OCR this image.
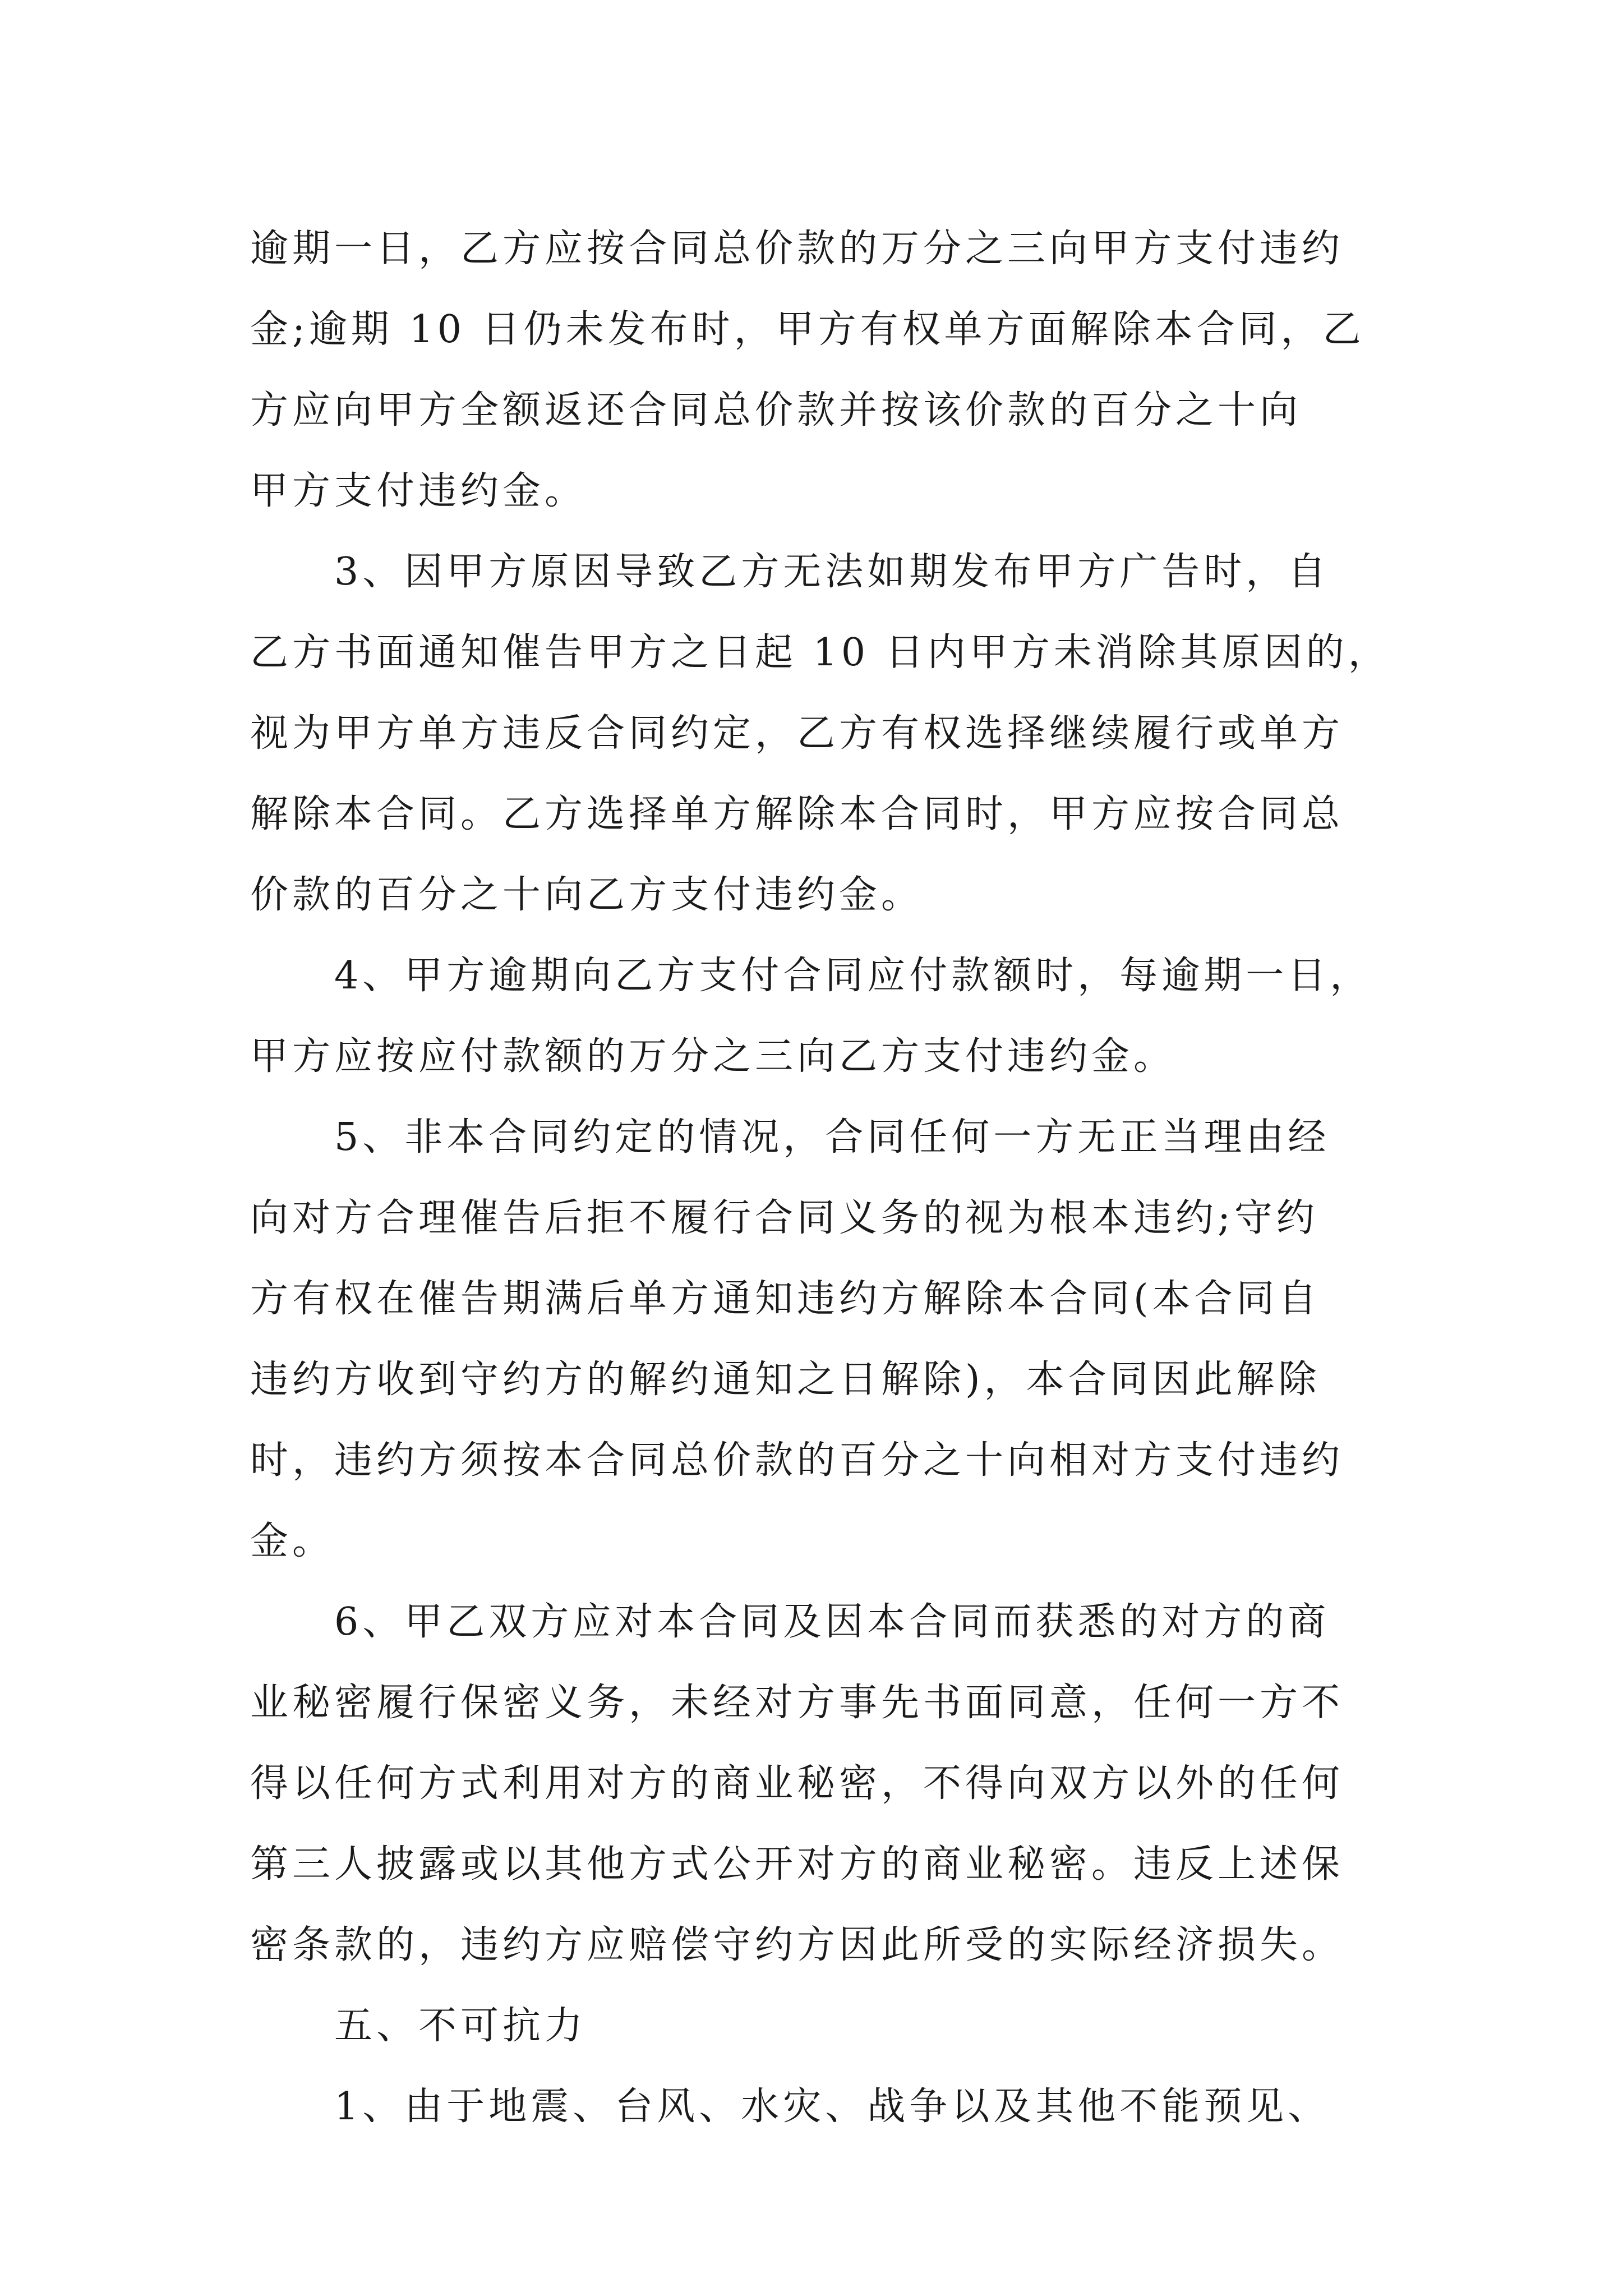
逾期一日，乙方应按合同总价款的万分之三向甲方支付违约
金;逾期 10 日仍未发布时，甲方有权单方面解除本合同，乙
方应向甲方全额返还合同总价款并按该价款的百分之十向
甲方支付违约金。
3、因甲方原因导致乙方无法如期发布甲方广告时，自
乙方书面通知催告甲方之日起 10 日内甲方未消除其原因的，
视为甲方单方违反合同约定，乙方有权选择继续履行或单方
解除本合同。乙方选择单方解除本合同时，甲方应按合同总
价款的百分之十向乙方支付违约金。
4、甲方逾期向乙方支付合同应付款额时，每逾期一日，
甲方应按应付款额的万分之三向乙方支付违约金。
5、非本合同约定的情况，合同任何一方无正当理由经
向对方合理催告后拒不履行合同义务的视为根本违约;守约
方有权在催告期满后单方通知违约方解除本合同(本合同自
违约方收到守约方的解约通知之日解除)，本合同因此解除
时，违约方须按本合同总价款的百分之十向相对方支付违约
金。
6、甲乙双方应对本合同及因本合同而获悉的对方的商
业秘密履行保密义务，未经对方事先书面同意，任何一方不
得以任何方式利用对方的商业秘密，不得向双方以外的任何
第三人披露或以其他方式公开对方的商业秘密。违反上述保
密条款的，违约方应赔偿守约方因此所受的实际经济损失。
五、不可抗力
1、由于地震、台风、水灾、战争以及其他不能预见、
